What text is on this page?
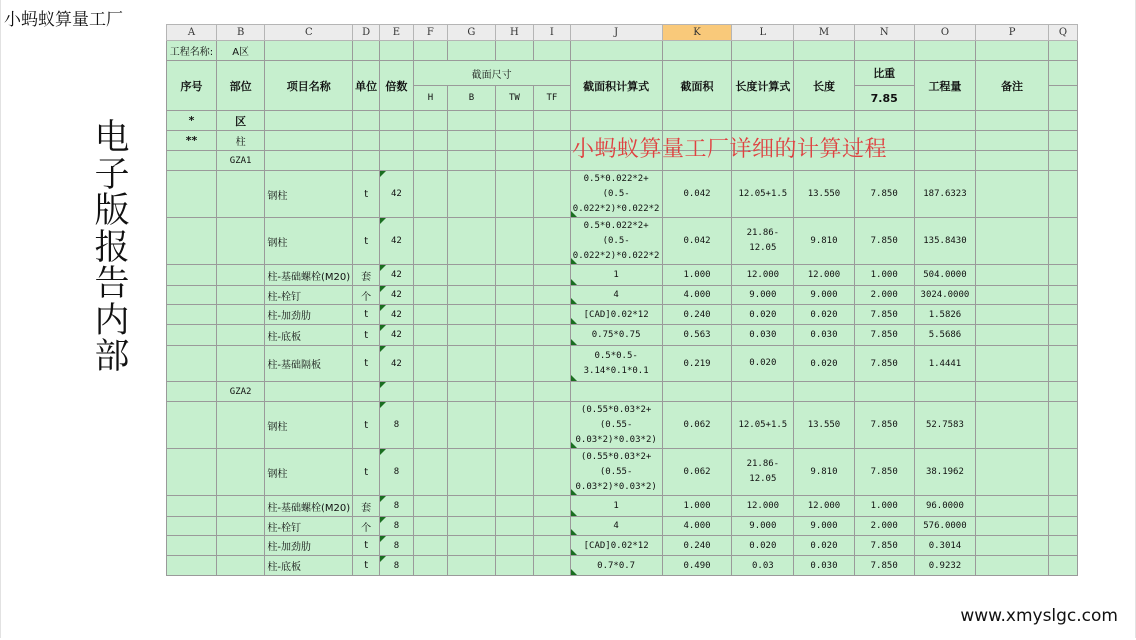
小蚂蚁算量工厂
电
子
版
报
告
内
部
A	B	C	D	E	F	G	H	I	J	K	L	M	N	O	P	Q
工程名称:	A区															
序号	部位	项目名称	单位	倍数	截面尺寸				截面积计算式	截面积	长度计算式	长度	比重	工程量	备注	
					H	B	TW	TF					7.85			
*	区															
**	柱															
	GZA1															
		钢柱	t	42					0.5*0.022*2+(0.5-0.022*2)*0.022*2	0.042	12.05+1.5	13.550	7.850	187.6323		
		钢柱	t	42					0.5*0.022*2+(0.5-0.022*2)*0.022*2	0.042	21.86-12.05	9.810	7.850	135.8430		
		柱-基础螺栓(M20)	套	42					1	1.000	12.000	12.000	1.000	504.0000		
		柱-栓钉	个	42					4	4.000	9.000	9.000	2.000	3024.0000		
		柱-加劲肋	t	42					[CAD]0.02*12	0.240	0.020	0.020	7.850	1.5826		
		柱-底板	t	42					0.75*0.75	0.563	0.030	0.030	7.850	5.5686		
		柱-基础隔板	t	42					0.5*0.5-3.14*0.1*0.1	0.219	0.020	0.020	7.850	1.4441		
	GZA2															
		钢柱	t	8					(0.55*0.03*2+(0.55-0.03*2)*0.03*2)	0.062	12.05+1.5	13.550	7.850	52.7583		
		钢柱	t	8					(0.55*0.03*2+(0.55-0.03*2)*0.03*2)	0.062	21.86-12.05	9.810	7.850	38.1962		
		柱-基础螺栓(M20)	套	8					1	1.000	12.000	12.000	1.000	96.0000		
		柱-栓钉	个	8					4	4.000	9.000	9.000	2.000	576.0000		
		柱-加劲肋	t	8					[CAD]0.02*12	0.240	0.020	0.020	7.850	0.3014		
		柱-底板	t	8					0.7*0.7	0.490	0.03	0.030	7.850	0.9232		
小蚂蚁算量工厂详细的计算过程
www.xmyslgc.com
